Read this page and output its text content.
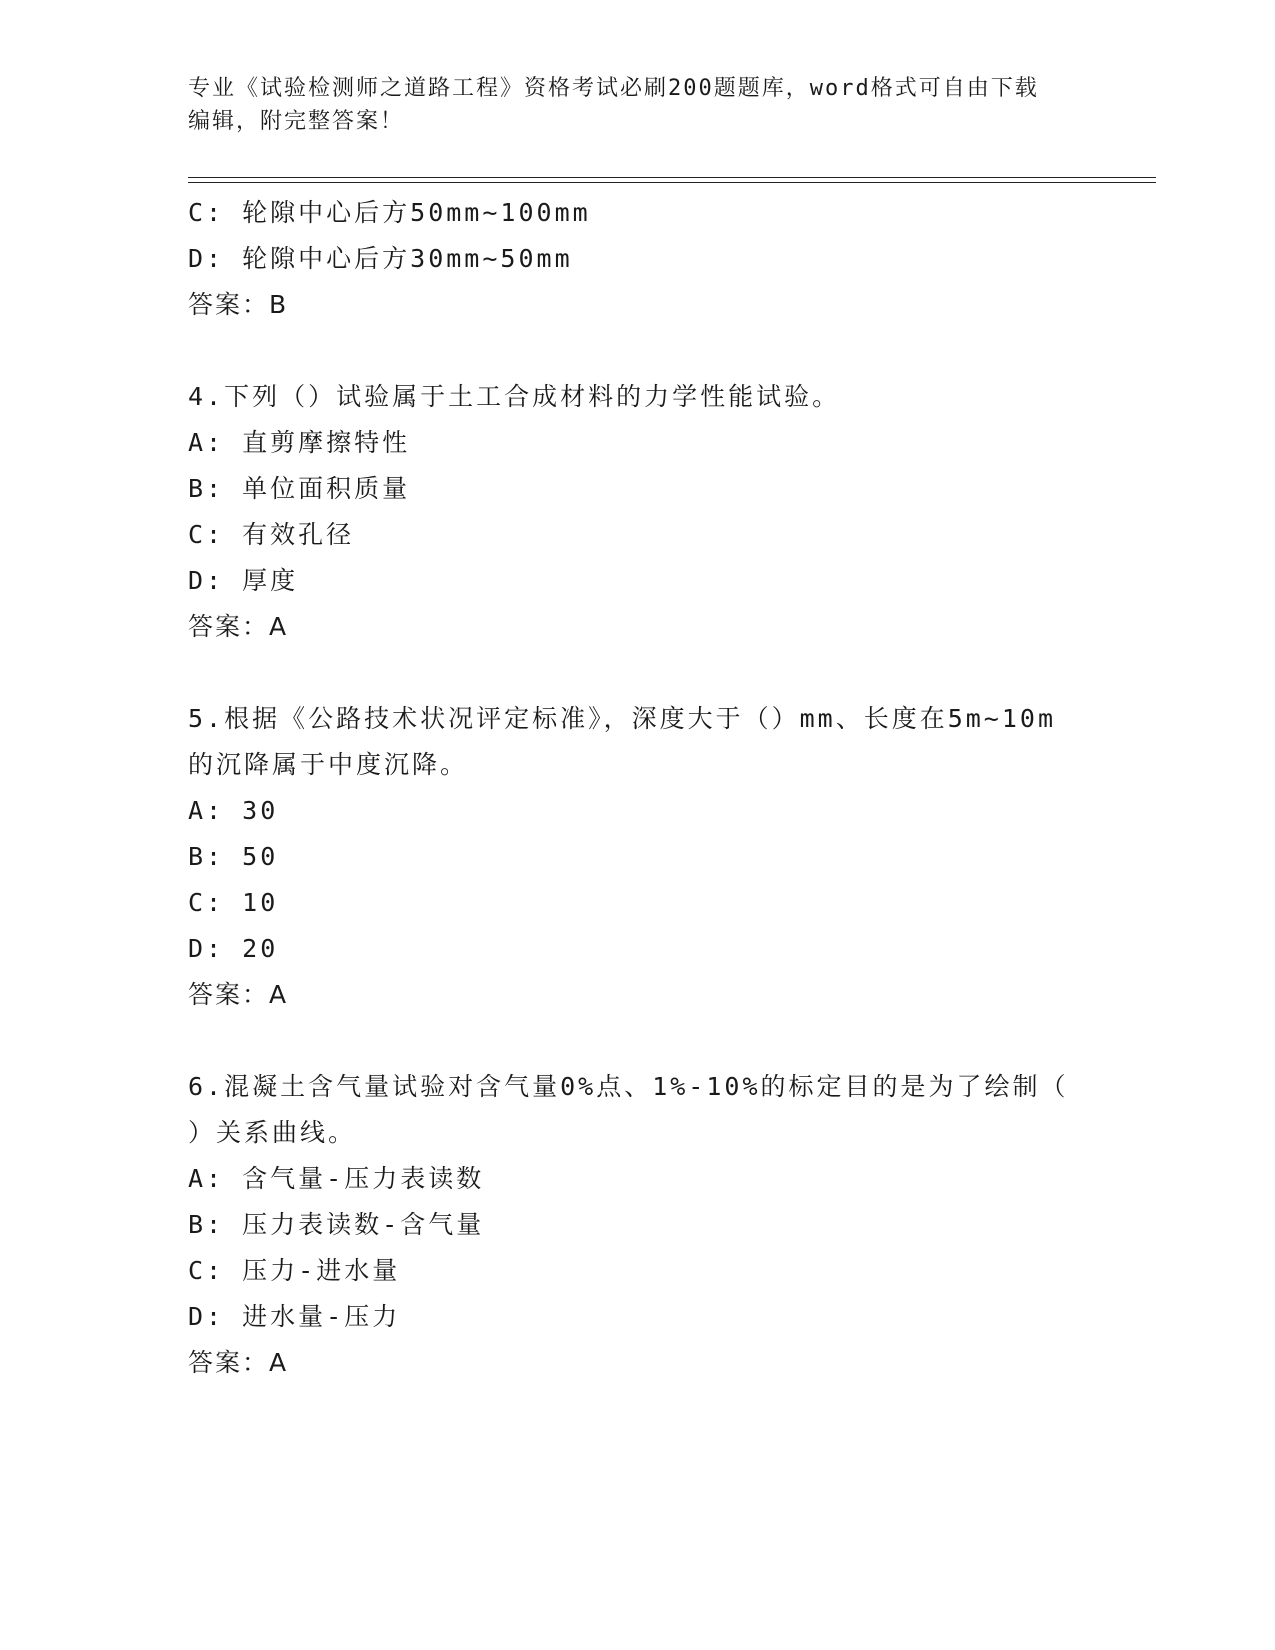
专业《试验检测师之道路工程》资格考试必刷200题题库，word格式可自由下载
编辑，附完整答案！
C: 轮隙中心后方50mm~100mm
D: 轮隙中心后方30mm~50mm
答案：B
4.下列（）试验属于土工合成材料的力学性能试验。
A: 直剪摩擦特性
B: 单位面积质量
C: 有效孔径
D: 厚度
答案：A
5.根据《公路技术状况评定标准》，深度大于（）mm、长度在5m~10m
的沉降属于中度沉降。
A: 30
B: 50
C: 10
D: 20
答案：A
6.混凝土含气量试验对含气量0%点、1%-10%的标定目的是为了绘制（
）关系曲线。
A: 含气量-压力表读数
B: 压力表读数-含气量
C: 压力-进水量
D: 进水量-压力
答案：A
